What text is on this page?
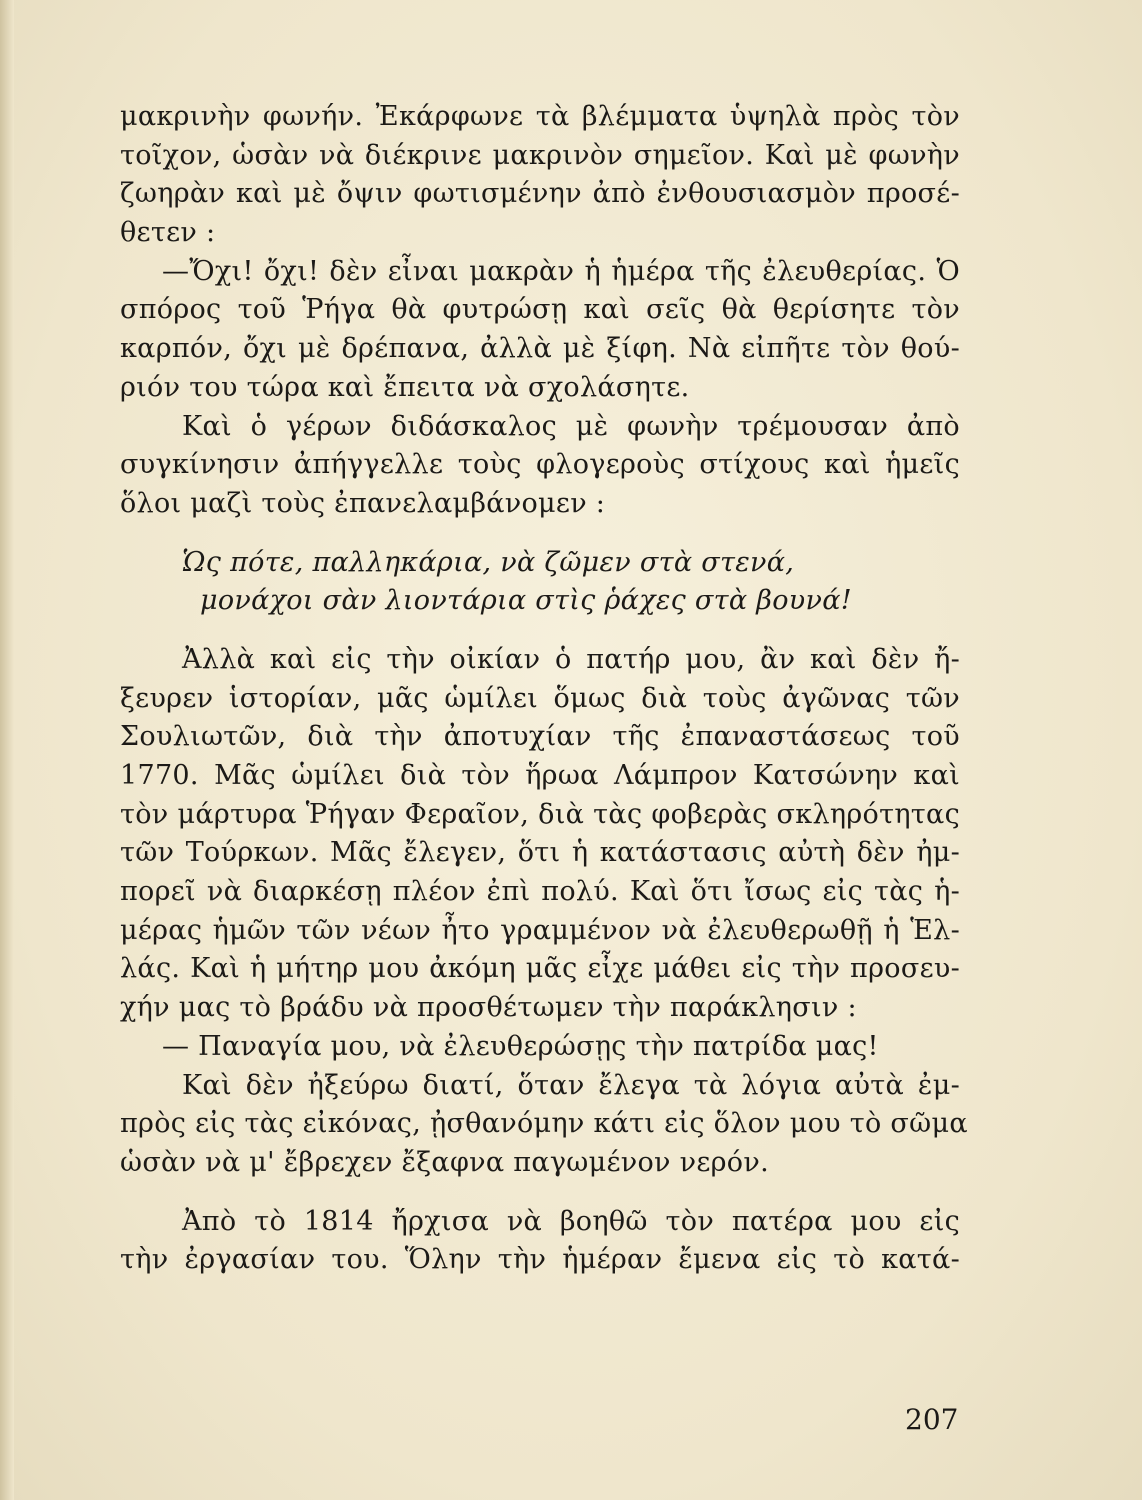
μακρινὴν φωνήν. Ἐκάρφωνε τὰ βλέμματα ὑψηλὰ πρὸς τὸν
τοῖχον, ὡσὰν νὰ διέκρινε μακρινὸν σημεῖον. Καὶ μὲ φωνὴν
ζωηρὰν καὶ μὲ ὄψιν φωτισμένην ἀπὸ ἐνθουσιασμὸν προσέ-
θετεν :
—Ὄχι! ὄχι! δὲν εἶναι μακρὰν ἡ ἡμέρα τῆς ἐλευθερίας. Ὁ
σπόρος τοῦ Ῥήγα θὰ φυτρώσῃ καὶ σεῖς θὰ θερίσητε τὸν
καρπόν, ὄχι μὲ δρέπανα, ἀλλὰ μὲ ξίφη. Νὰ εἰπῆτε τὸν θού-
ριόν του τώρα καὶ ἔπειτα νὰ σχολάσητε.
Καὶ ὁ γέρων διδάσκαλος μὲ φωνὴν τρέμουσαν ἀπὸ
συγκίνησιν ἀπήγγελλε τοὺς φλογεροὺς στίχους καὶ ἡμεῖς
ὅλοι μαζὶ τοὺς ἐπανελαμβάνομεν :
Ὡς πότε, παλληκάρια, νὰ ζῶμεν στὰ στενά,
μονάχοι σὰν λιοντάρια στὶς ῥάχες στὰ βουνά!
Ἀλλὰ καὶ εἰς τὴν οἰκίαν ὁ πατήρ μου, ἂν καὶ δὲν ἤ-
ξευρεν ἱστορίαν, μᾶς ὡμίλει ὅμως διὰ τοὺς ἀγῶνας τῶν
Σουλιωτῶν, διὰ τὴν ἀποτυχίαν τῆς ἐπαναστάσεως τοῦ
1770. Μᾶς ὡμίλει διὰ τὸν ἥρωα Λάμπρον Κατσώνην καὶ
τὸν μάρτυρα Ῥήγαν Φεραῖον, διὰ τὰς φοβερὰς σκληρότητας
τῶν Τούρκων. Μᾶς ἔλεγεν, ὅτι ἡ κατάστασις αὐτὴ δὲν ἠμ-
πορεῖ νὰ διαρκέσῃ πλέον ἐπὶ πολύ. Καὶ ὅτι ἴσως εἰς τὰς ἡ-
μέρας ἡμῶν τῶν νέων ἦτο γραμμένον νὰ ἐλευθερωθῇ ἡ Ἑλ-
λάς. Καὶ ἡ μήτηρ μου ἀκόμη μᾶς εἶχε μάθει εἰς τὴν προσευ-
χήν μας τὸ βράδυ νὰ προσθέτωμεν τὴν παράκλησιν :
— Παναγία μου, νὰ ἐλευθερώσῃς τὴν πατρίδα μας!
Καὶ δὲν ἠξεύρω διατί, ὅταν ἔλεγα τὰ λόγια αὐτὰ ἐμ-
πρὸς εἰς τὰς εἰκόνας, ᾐσθανόμην κάτι εἰς ὅλον μου τὸ σῶμα
ὡσὰν νὰ μ' ἔβρεχεν ἔξαφνα παγωμένον νερόν.
Ἀπὸ τὸ 1814 ἤρχισα νὰ βοηθῶ τὸν πατέρα μου εἰς
τὴν ἐργασίαν του. Ὅλην τὴν ἡμέραν ἔμενα εἰς τὸ κατά-
207
